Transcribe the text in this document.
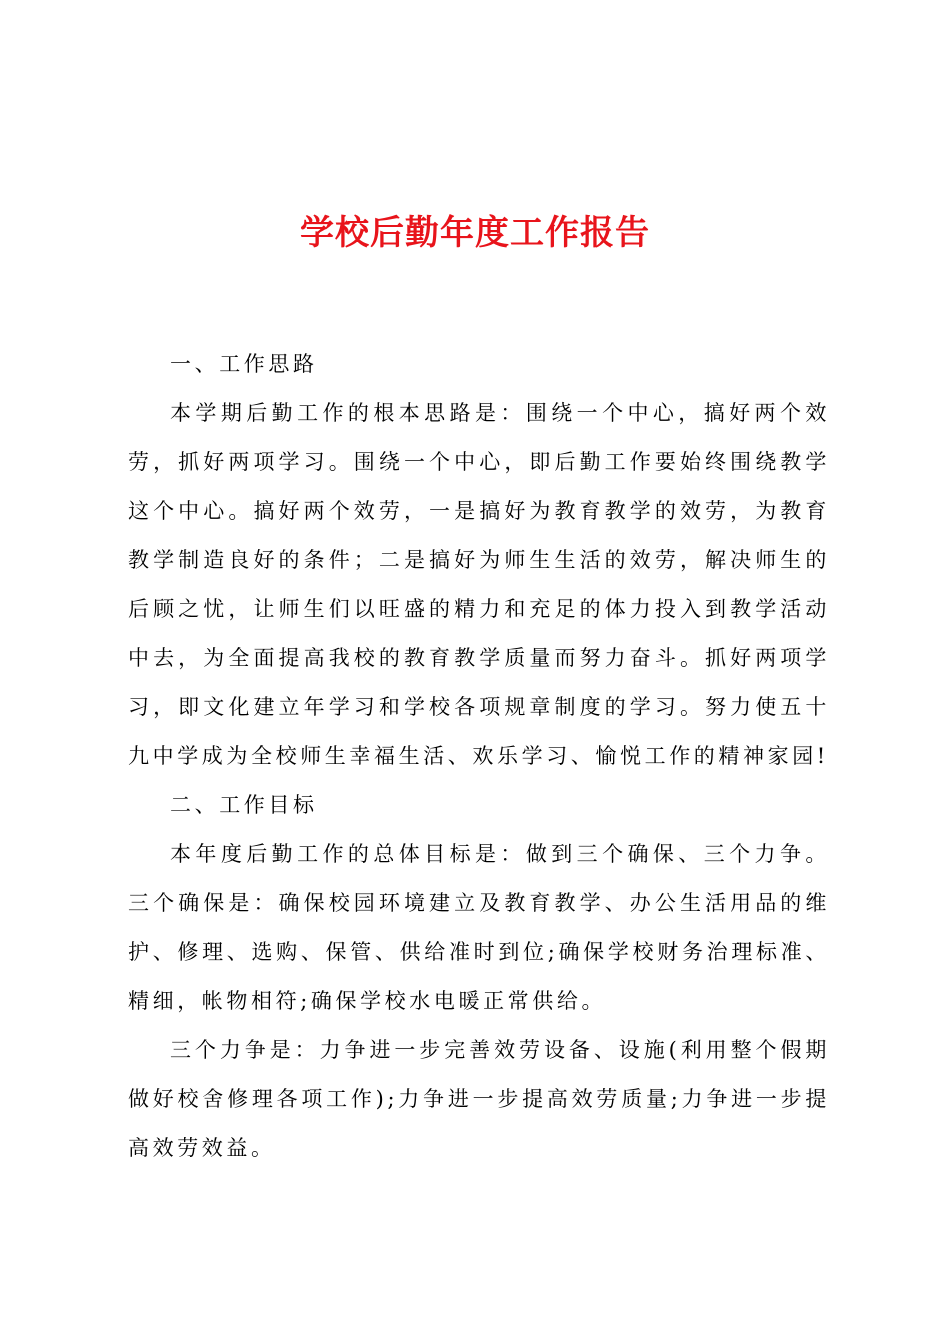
学校后勤年度工作报告

一、工作思路

本学期后勤工作的根本思路是：围绕一个中心，搞好两个效劳，抓好两项学习。围绕一个中心，即后勤工作要始终围绕教学这个中心。搞好两个效劳，一是搞好为教育教学的效劳，为教育教学制造良好的条件；二是搞好为师生生活的效劳，解决师生的后顾之忧，让师生们以旺盛的精力和充足的体力投入到教学活动中去，为全面提高我校的教育教学质量而努力奋斗。抓好两项学习，即文化建立年学习和学校各项规章制度的学习。努力使五十九中学成为全校师生幸福生活、欢乐学习、愉悦工作的精神家园!

二、工作目标

本年度后勤工作的总体目标是：做到三个确保、三个力争。三个确保是：确保校园环境建立及教育教学、办公生活用品的维护、修理、选购、保管、供给准时到位;确保学校财务治理标准、精细，帐物相符;确保学校水电暖正常供给。

三个力争是：力争进一步完善效劳设备、设施(利用整个假期做好校舍修理各项工作);力争进一步提高效劳质量;力争进一步提高效劳效益。
